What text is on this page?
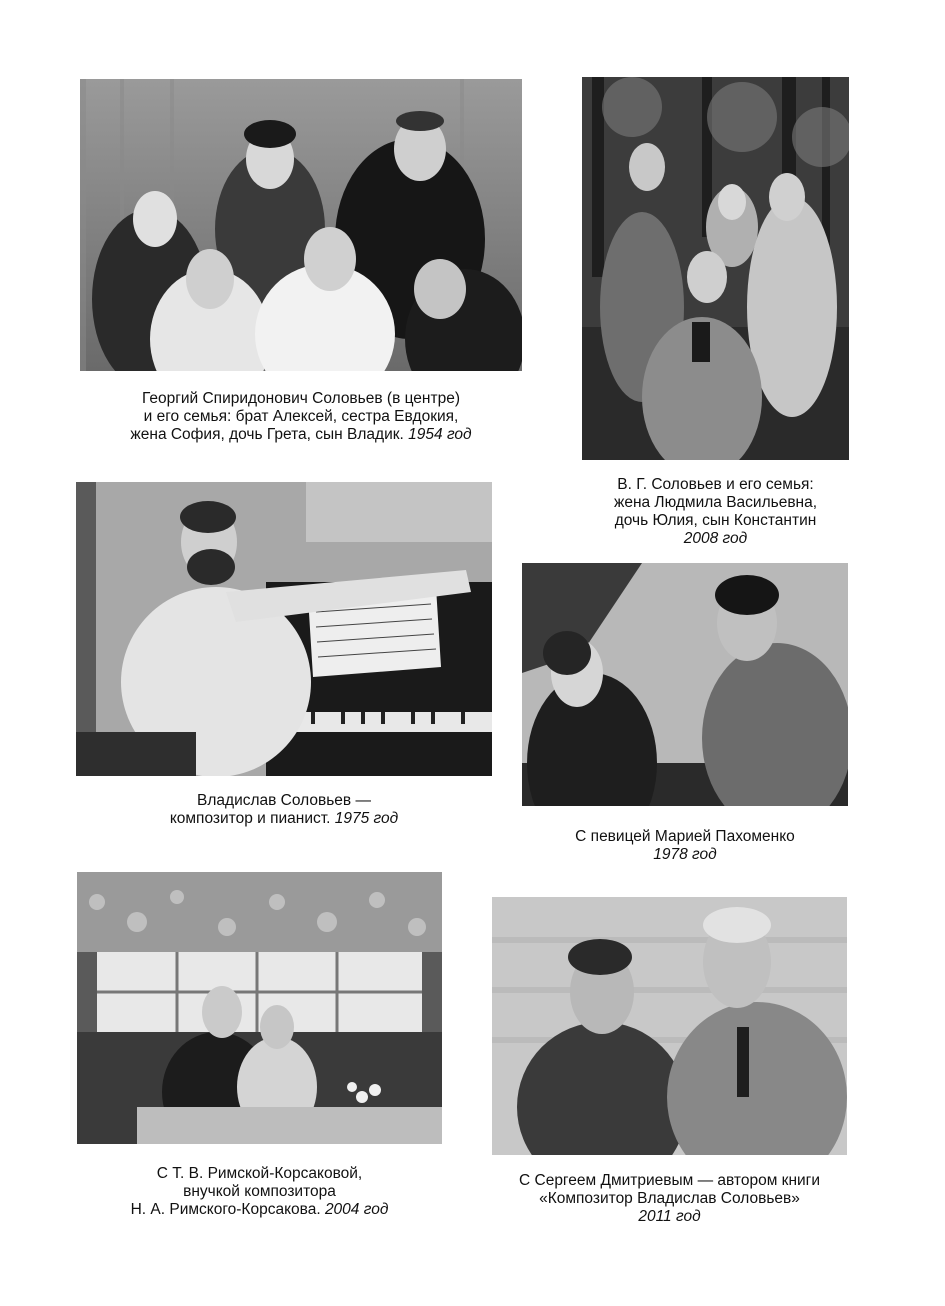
Георгий Спиридонович Соловьев (в центре)
и его семья: брат Алексей, сестра Евдокия,
жена София, дочь Грета, сын Владик. 1954 год
В. Г. Соловьев и его семья:
жена Людмила Васильевна,
дочь Юлия, сын Константин
2008 год
Владислав Соловьев —
композитор и пианист. 1975 год
С певицей Марией Пахоменко
1978 год
С Т. В. Римской-Корсаковой,
внучкой композитора
Н. А. Римского-Корсакова. 2004 год
С Сергеем Дмитриевым — автором книги
«Композитор Владислав Соловьев»
2011 год
